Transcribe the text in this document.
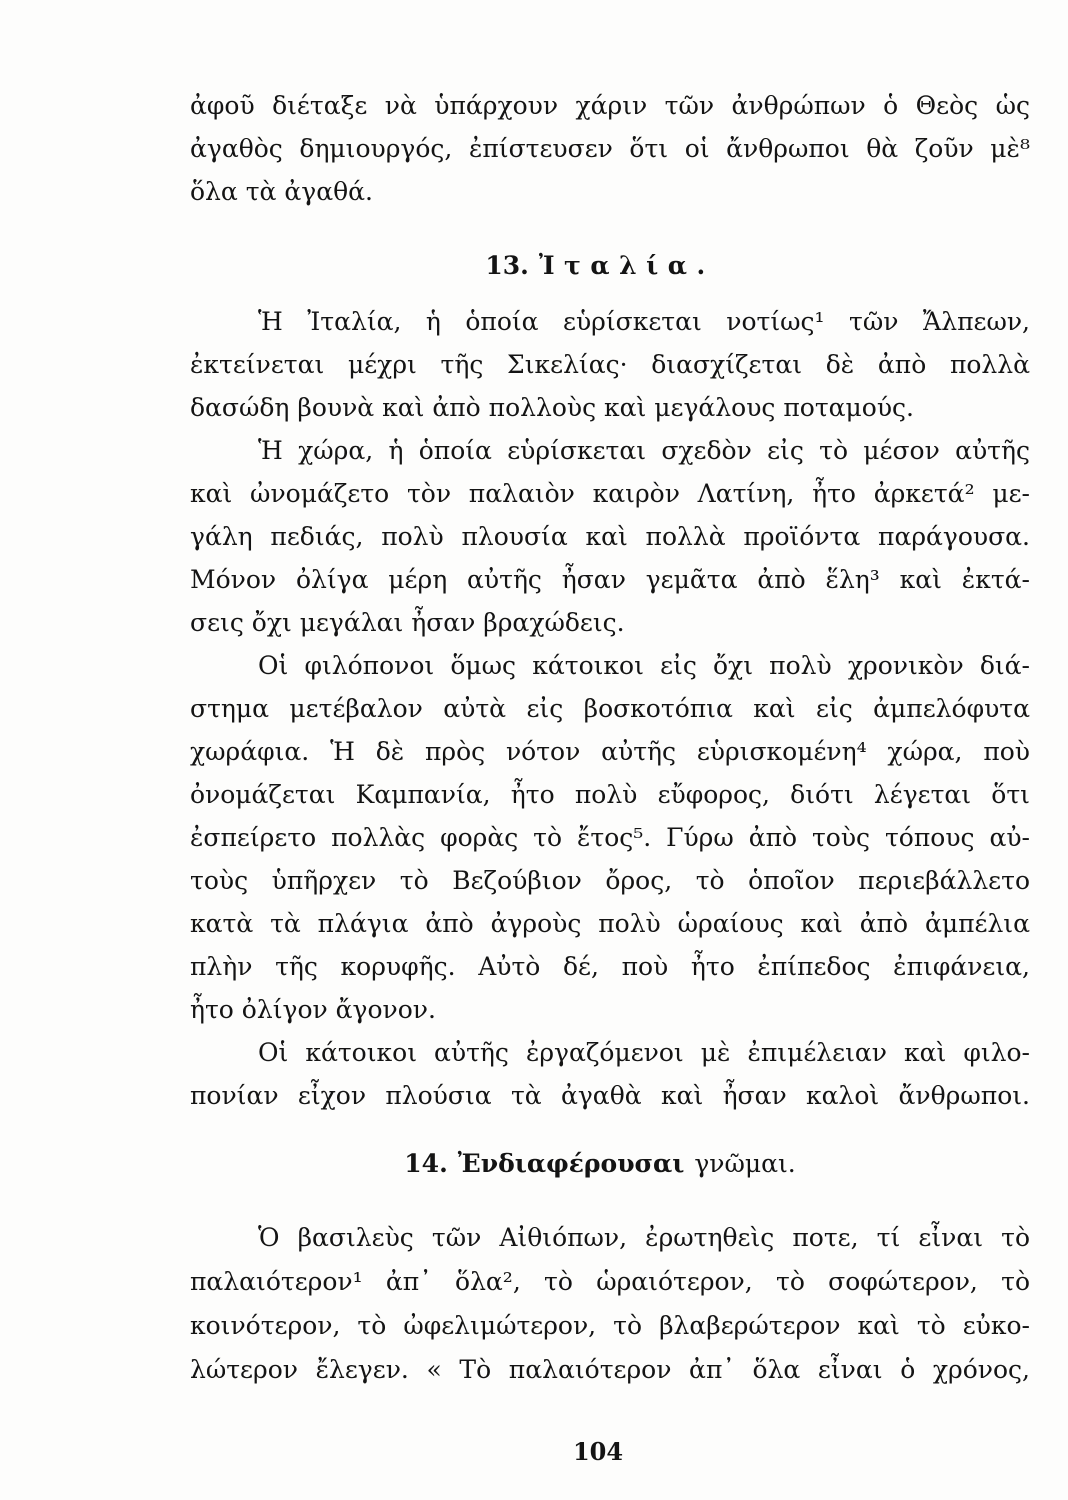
ἀφοῦ διέταξε νὰ ὑπάρχουν χάριν τῶν ἀνθρώπων ὁ Θεὸς ὡς
ἀγαθὸς δημιουργός, ἐπίστευσεν ὅτι οἱ ἄνθρωποι θὰ ζοῦν μὲ⁸
ὅλα τὰ ἀγαθά.
13. Ἰταλία.
Ἡ Ἰταλία, ἡ ὁποία εὑρίσκεται νοτίως¹ τῶν Ἄλπεων,
ἐκτείνεται μέχρι τῆς Σικελίας· διασχίζεται δὲ ἀπὸ πολλὰ
δασώδη βουνὰ καὶ ἀπὸ πολλοὺς καὶ μεγάλους ποταμούς.
Ἡ χώρα, ἡ ὁποία εὑρίσκεται σχεδὸν εἰς τὸ μέσον αὐτῆς
καὶ ὠνομάζετο τὸν παλαιὸν καιρὸν Λατίνη, ἦτο ἀρκετά² με-
γάλη πεδιάς, πολὺ πλουσία καὶ πολλὰ προϊόντα παράγουσα.
Μόνον ὀλίγα μέρη αὐτῆς ἦσαν γεμᾶτα ἀπὸ ἕλη³ καὶ ἐκτά-
σεις ὄχι μεγάλαι ἦσαν βραχώδεις.
Οἱ φιλόπονοι ὅμως κάτοικοι εἰς ὄχι πολὺ χρονικὸν διά-
στημα μετέβαλον αὐτὰ εἰς βοσκοτόπια καὶ εἰς ἀμπελόφυτα
χωράφια. Ἡ δὲ πρὸς νότον αὐτῆς εὑρισκομένη⁴ χώρα, ποὺ
ὀνομάζεται Καμπανία, ἦτο πολὺ εὔφορος, διότι λέγεται ὅτι
ἐσπείρετο πολλὰς φορὰς τὸ ἔτος⁵. Γύρω ἀπὸ τοὺς τόπους αὐ-
τοὺς ὑπῆρχεν τὸ Βεζούβιον ὄρος, τὸ ὁποῖον περιεβάλλετο
κατὰ τὰ πλάγια ἀπὸ ἀγροὺς πολὺ ὡραίους καὶ ἀπὸ ἀμπέλια
πλὴν τῆς κορυφῆς. Αὐτὸ δέ, ποὺ ἦτο ἐπίπεδος ἐπιφάνεια,
ἦτο ὀλίγον ἄγονον.
Οἱ κάτοικοι αὐτῆς ἐργαζόμενοι μὲ ἐπιμέλειαν καὶ φιλο-
πονίαν εἶχον πλούσια τὰ ἀγαθὰ καὶ ἦσαν καλοὶ ἄνθρωποι.
14. Ἐνδιαφέρουσαι γνῶμαι.
Ὁ βασιλεὺς τῶν Αἰθιόπων, ἐρωτηθεὶς ποτε, τί εἶναι τὸ
παλαιότερον¹ ἀπ᾿ ὅλα², τὸ ὡραιότερον, τὸ σοφώτερον, τὸ
κοινότερον, τὸ ὠφελιμώτερον, τὸ βλαβερώτερον καὶ τὸ εὐκο-
λώτερον ἔλεγεν. « Τὸ παλαιότερον ἀπ᾿ ὅλα εἶναι ὁ χρόνος,
104
